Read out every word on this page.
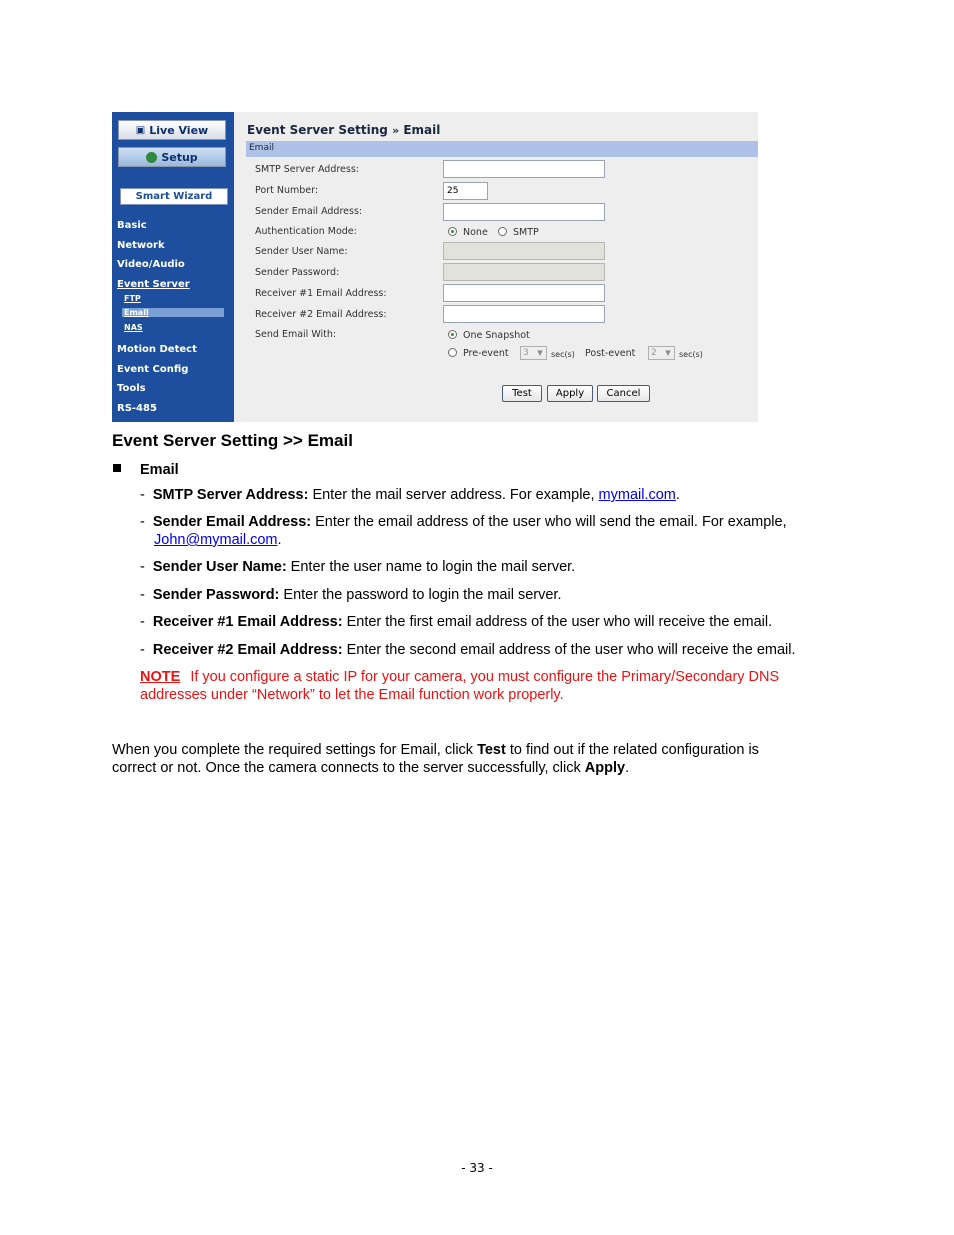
▣ Live View
Setup
Smart Wizard
Basic
Network
Video/Audio
Event Server
FTP
Email
NAS
Motion Detect
Event Config
Tools
RS-485
Event Server Setting » Email
Email
SMTP Server Address:
Port Number:	25
Sender Email Address:
Authentication Mode:	None	SMTP
Sender User Name:
Sender Password:
Receiver #1 Email Address:
Receiver #2 Email Address:
Send Email With:	One Snapshot
Pre-event	3	▼ sec(s) Post-event	2	▼ sec(s)
Test	Apply	Cancel
Event Server Setting >> Email
Email
- SMTP Server Address: Enter the mail server address. For example, mymail.com.
- Sender Email Address: Enter the email address of the user who will send the email. For example,
John@mymail.com.
- Sender User Name: Enter the user name to login the mail server.
- Sender Password: Enter the password to login the mail server.
- Receiver #1 Email Address: Enter the first email address of the user who will receive the email.
- Receiver #2 Email Address: Enter the second email address of the user who will receive the email.
NOTE If you configure a static IP for your camera, you must configure the Primary/Secondary DNS
addresses under “Network” to let the Email function work properly.
When you complete the required settings for Email, click Test to find out if the related configuration is
correct or not. Once the camera connects to the server successfully, click Apply.
- 33 -
